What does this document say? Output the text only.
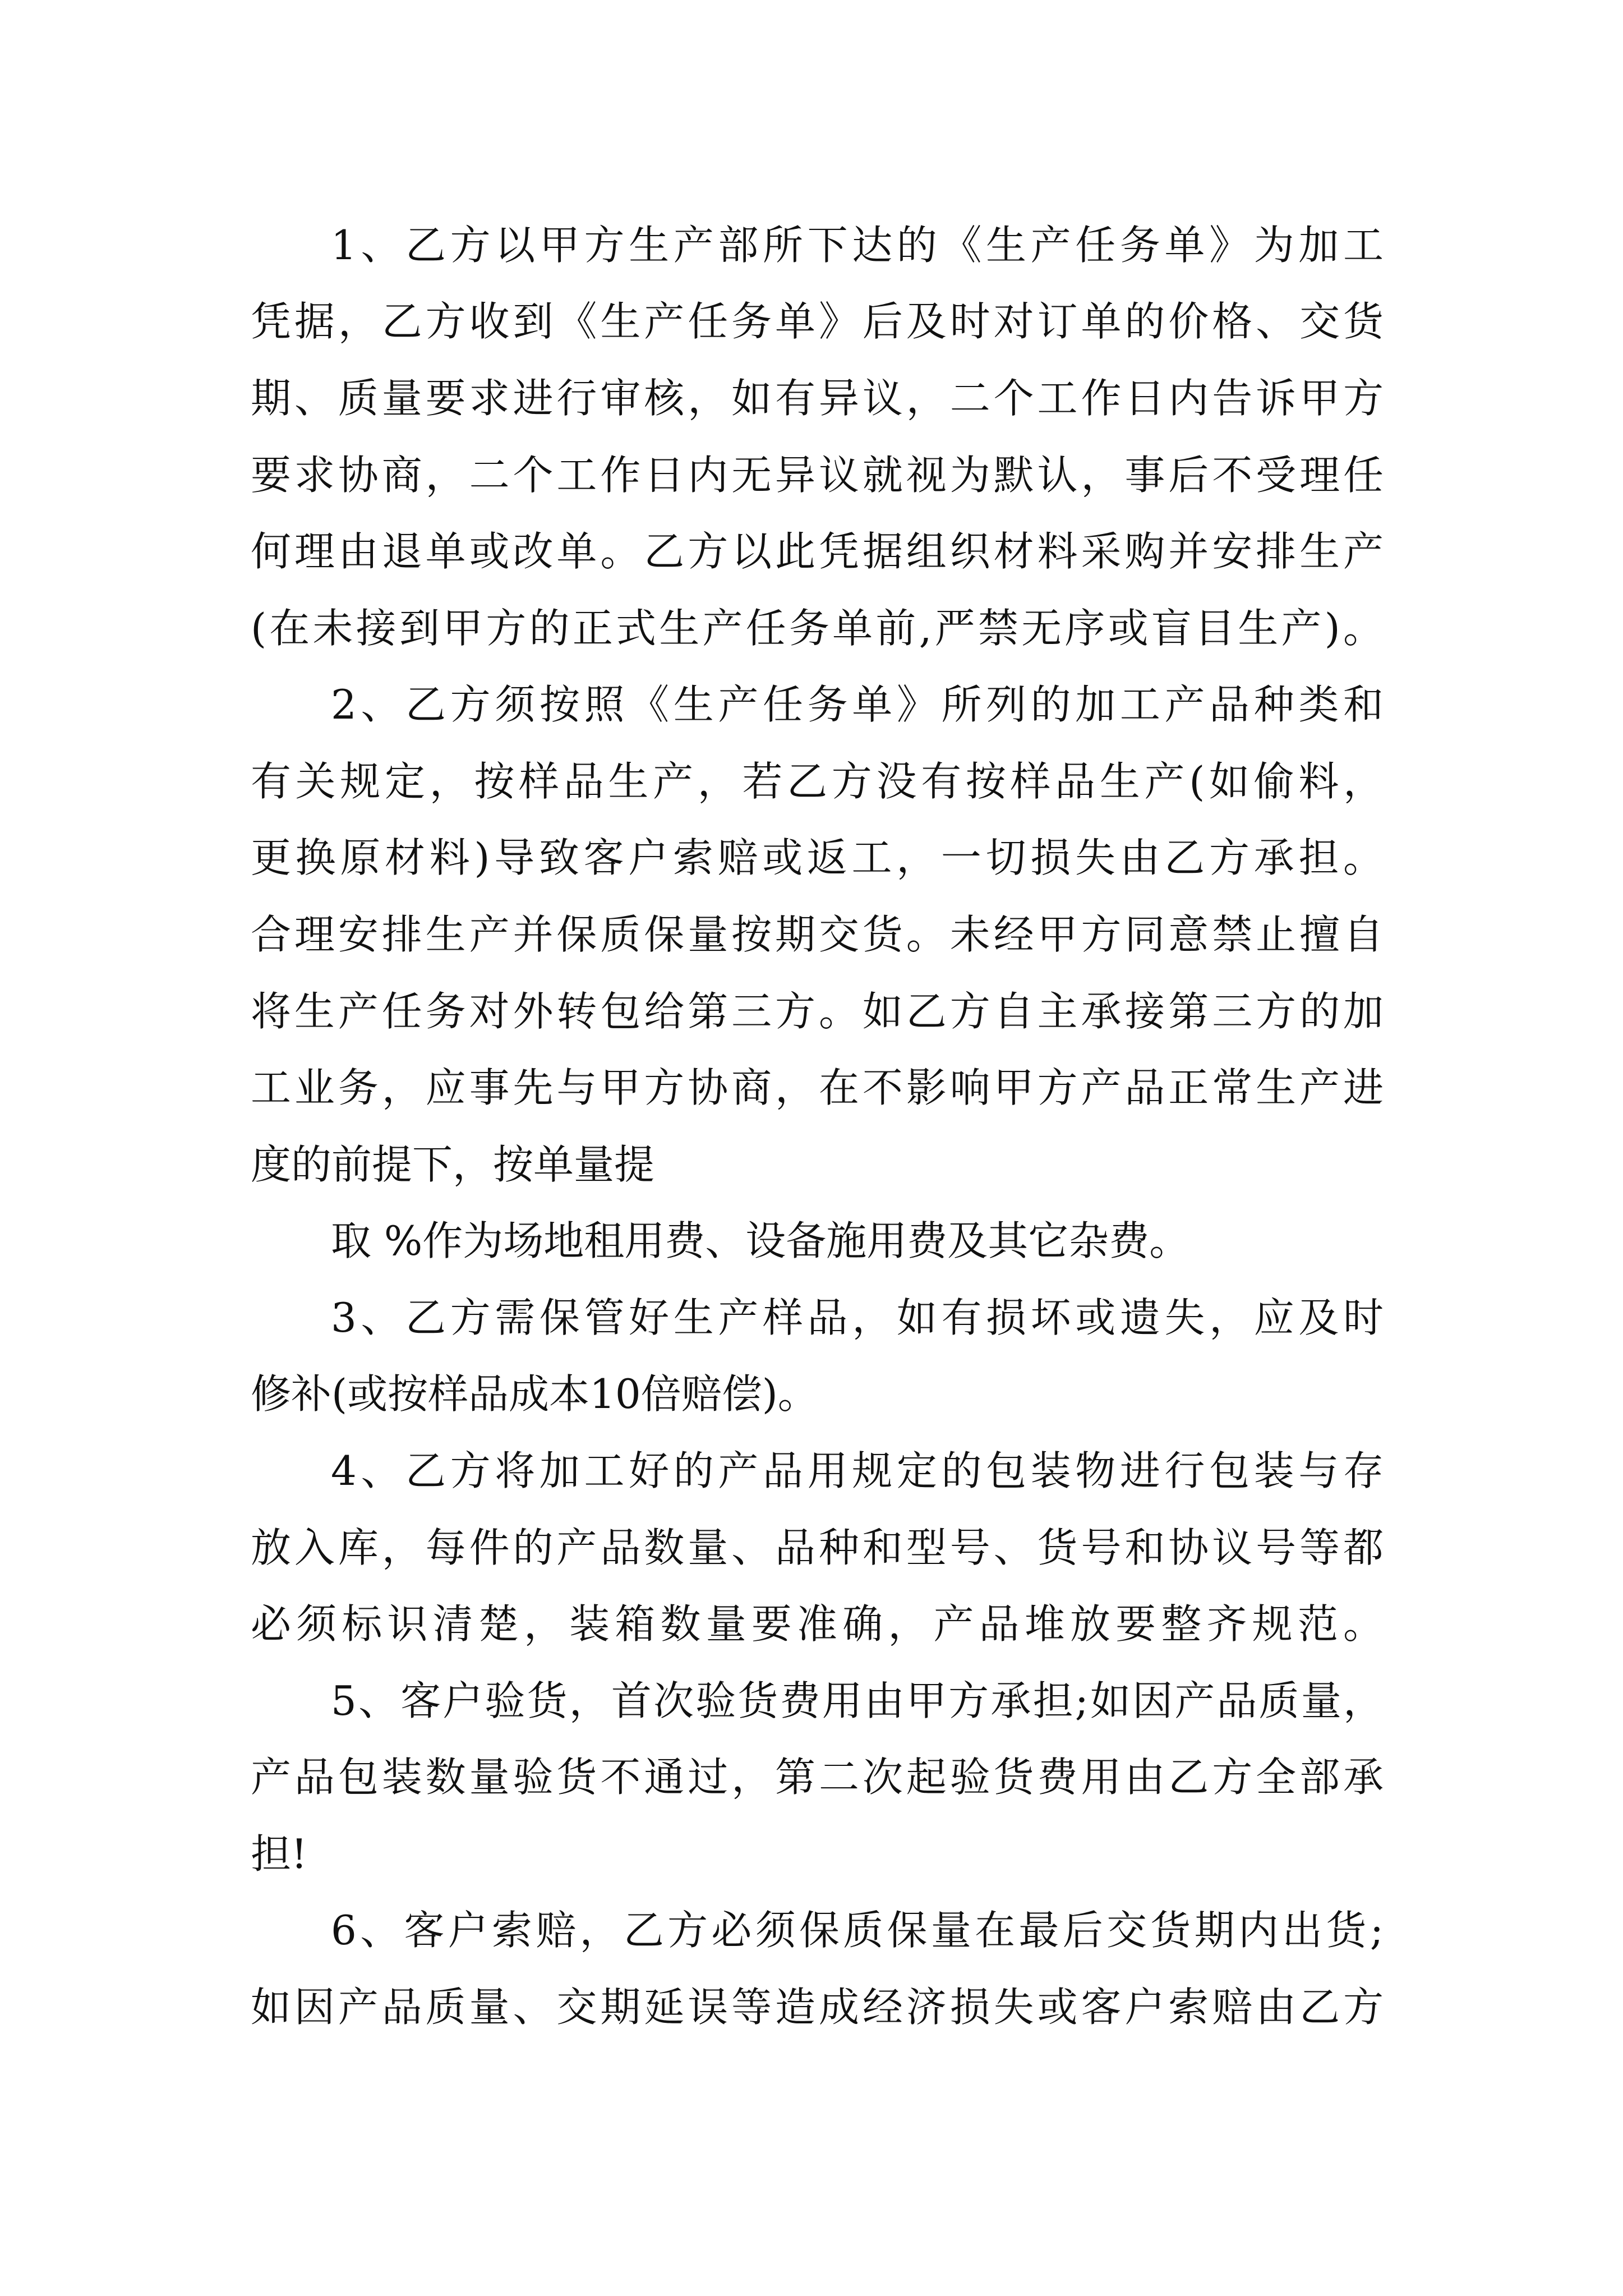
1、乙方以甲方生产部所下达的《生产任务单》为加工
凭据，乙方收到《生产任务单》后及时对订单的价格、交货
期、质量要求进行审核，如有异议，二个工作日内告诉甲方
要求协商，二个工作日内无异议就视为默认，事后不受理任
何理由退单或改单。乙方以此凭据组织材料采购并安排生产
(在未接到甲方的正式生产任务单前,严禁无序或盲目生产)。
2、乙方须按照《生产任务单》所列的加工产品种类和
有关规定，按样品生产，若乙方没有按样品生产(如偷料，
更换原材料)导致客户索赔或返工，一切损失由乙方承担。
合理安排生产并保质保量按期交货。未经甲方同意禁止擅自
将生产任务对外转包给第三方。如乙方自主承接第三方的加
工业务，应事先与甲方协商，在不影响甲方产品正常生产进
度的前提下，按单量提
取 %作为场地租用费、设备施用费及其它杂费。
3、乙方需保管好生产样品，如有损坏或遗失，应及时
修补(或按样品成本10倍赔偿)。
4、乙方将加工好的产品用规定的包装物进行包装与存
放入库，每件的产品数量、品种和型号、货号和协议号等都
必须标识清楚，装箱数量要准确，产品堆放要整齐规范。
5、客户验货，首次验货费用由甲方承担;如因产品质量，
产品包装数量验货不通过，第二次起验货费用由乙方全部承
担!
6、客户索赔，乙方必须保质保量在最后交货期内出货;
如因产品质量、交期延误等造成经济损失或客户索赔由乙方
